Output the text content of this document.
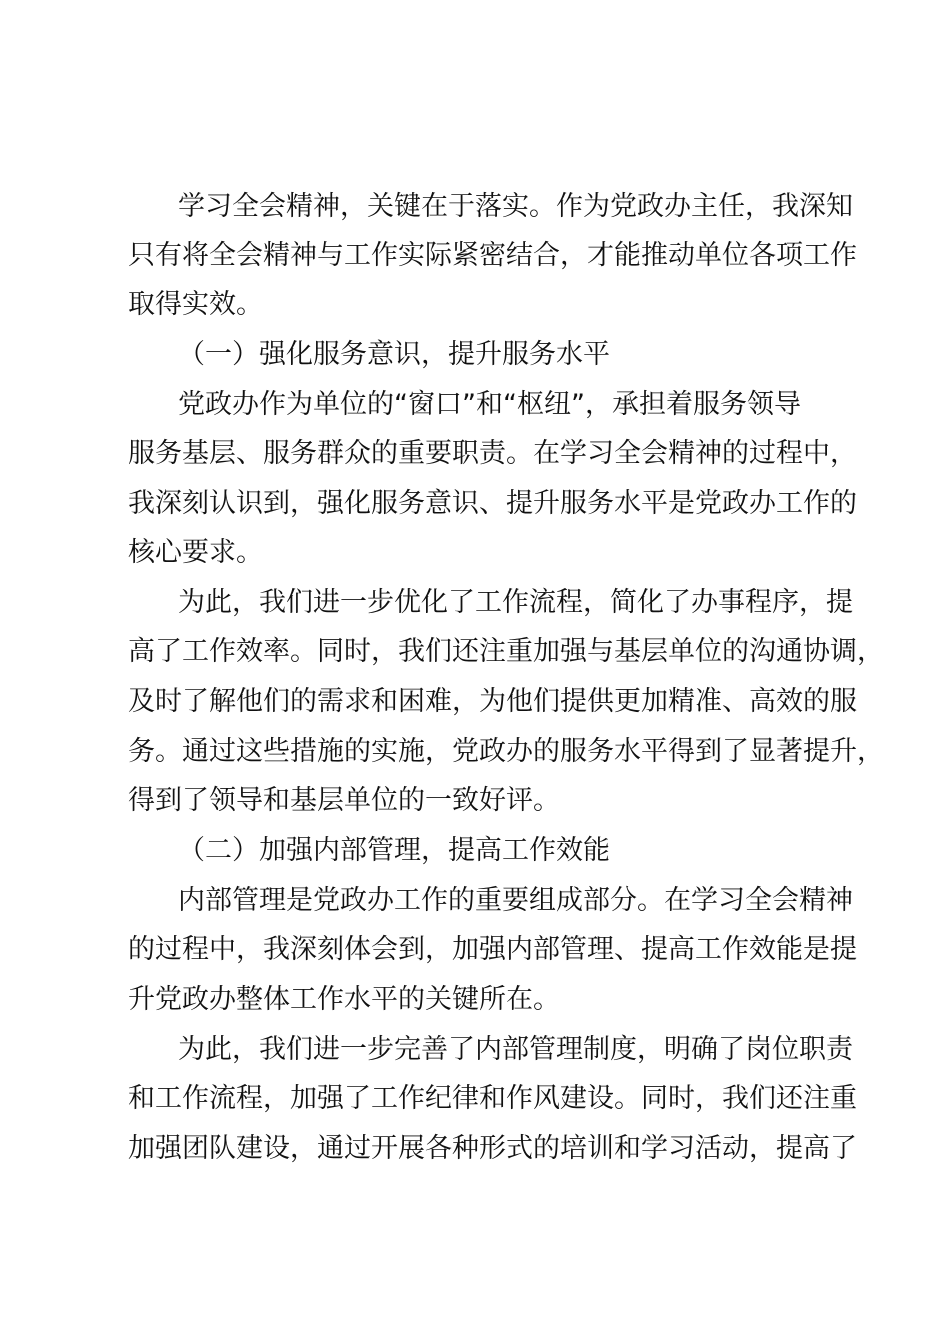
学习全会精神，关键在于落实。作为党政办主任，我深知
只有将全会精神与工作实际紧密结合，才能推动单位各项工作
取得实效。
（一）强化服务意识，提升服务水平
党政办作为单位的“窗口”和“枢纽”，承担着服务领导
服务基层、服务群众的重要职责。在学习全会精神的过程中，
我深刻认识到，强化服务意识、提升服务水平是党政办工作的
核心要求。
为此，我们进一步优化了工作流程，简化了办事程序，提
高了工作效率。同时，我们还注重加强与基层单位的沟通协调，
及时了解他们的需求和困难，为他们提供更加精准、高效的服
务。通过这些措施的实施，党政办的服务水平得到了显著提升，
得到了领导和基层单位的一致好评。
（二）加强内部管理，提高工作效能
内部管理是党政办工作的重要组成部分。在学习全会精神
的过程中，我深刻体会到，加强内部管理、提高工作效能是提
升党政办整体工作水平的关键所在。
为此，我们进一步完善了内部管理制度，明确了岗位职责
和工作流程，加强了工作纪律和作风建设。同时，我们还注重
加强团队建设，通过开展各种形式的培训和学习活动，提高了
